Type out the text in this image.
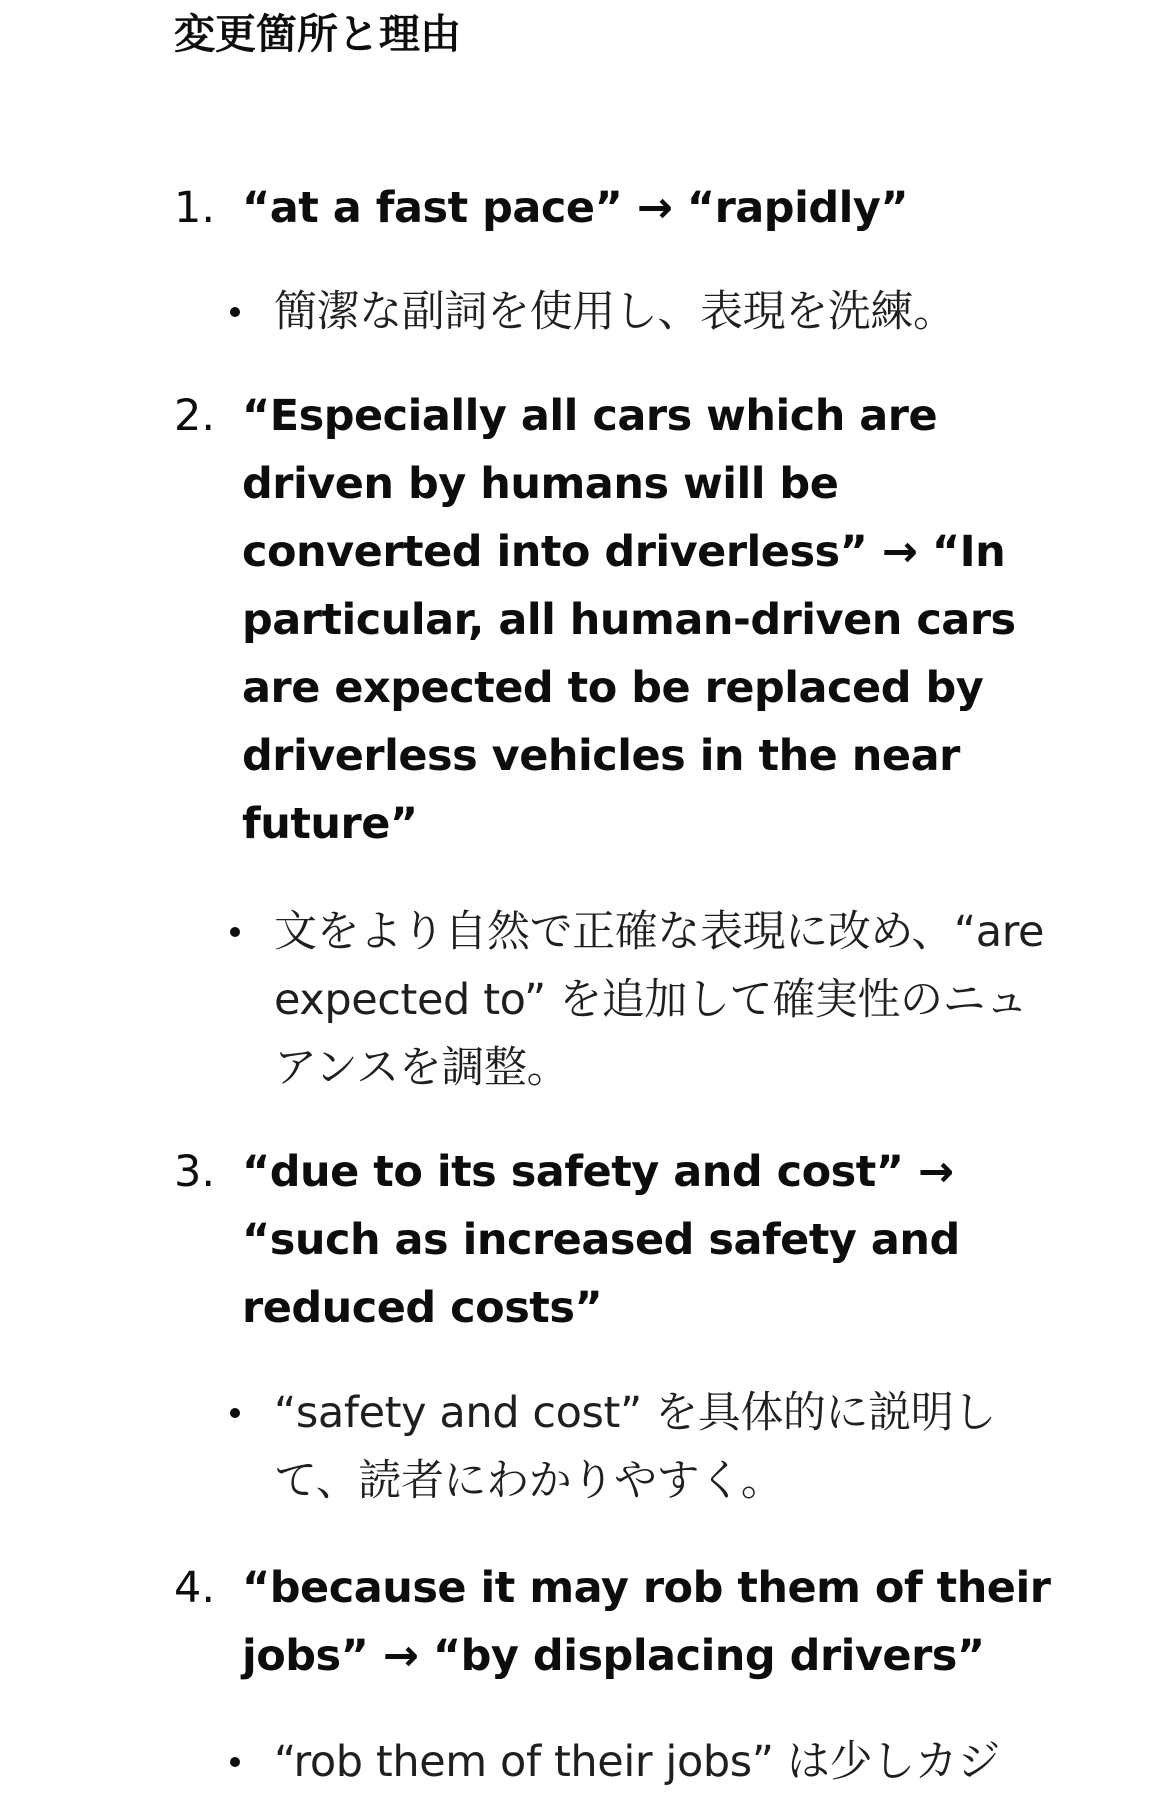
変更箇所と理由
1. “at a fast pace” → “rapidly”

簡潔な副詞を使用し、表現を洗練。

2. “Especially all cars which are driven by humans will be converted into driverless” → “In particular, all human-driven cars are expected to be replaced by driverless vehicles in the near future”

文をより自然で正確な表現に改め、“are expected to” を追加して確実性のニュアンスを調整。

3. “due to its safety and cost” → “such as increased safety and reduced costs”

“safety and cost” を具体的に説明して、読者にわかりやすく。

4. “because it may rob them of their jobs” → “by displacing drivers”

“rob them of their jobs” は少しカジ
